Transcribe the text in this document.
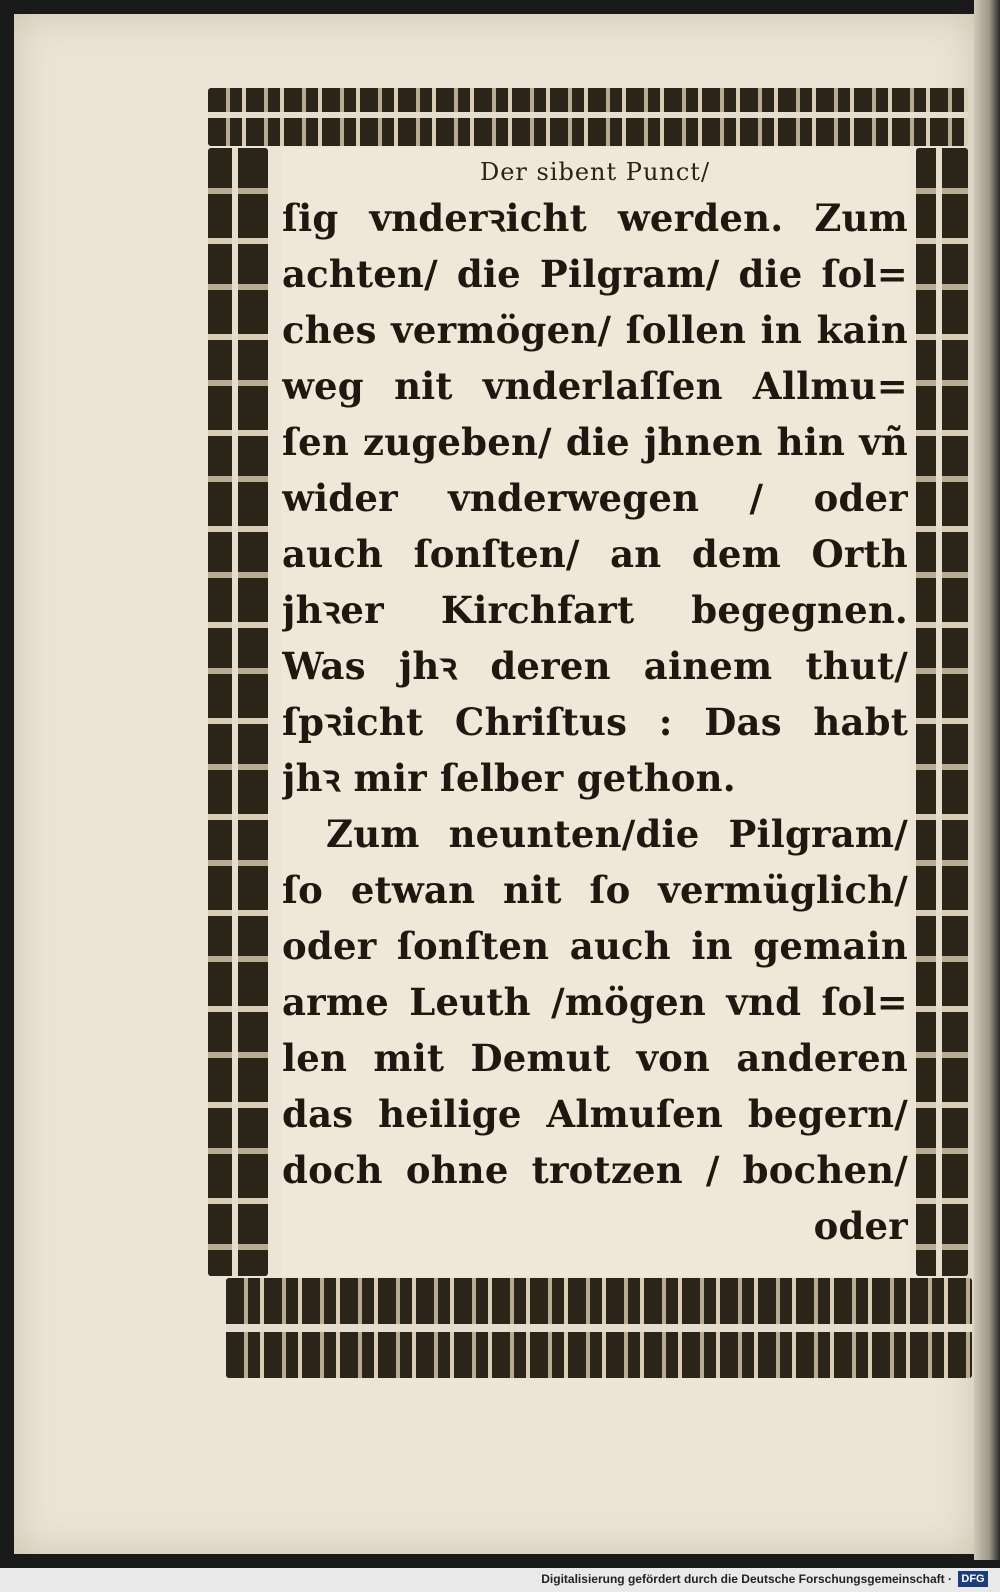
Der sibent Punct/
ſig vnderꝛicht werden. Zum
achten/ die Pilgram/ die ſol=
ches vermögen/ ſollen in kain
weg nit vnderlaſſen Allmu=
ſen zugeben/ die jhnen hin vñ
wider vnderwegen / oder
auch ſonſten/ an dem Orth
jhꝛer Kirchfart begegnen.
Was jhꝛ deren ainem thut/
ſpꝛicht Chriſtus : Das habt
jhꝛ mir ſelber gethon.
Zum neunten/die Pilgram/
ſo etwan nit ſo vermüglich/
oder ſonſten auch in gemain
arme Leuth /mögen vnd ſol=
len mit Demut von anderen
das heilige Almuſen begern/
doch ohne trotzen / bochen/
oder
Digitalisierung gefördert durch die Deutsche Forschungsgemeinschaft · DFG
